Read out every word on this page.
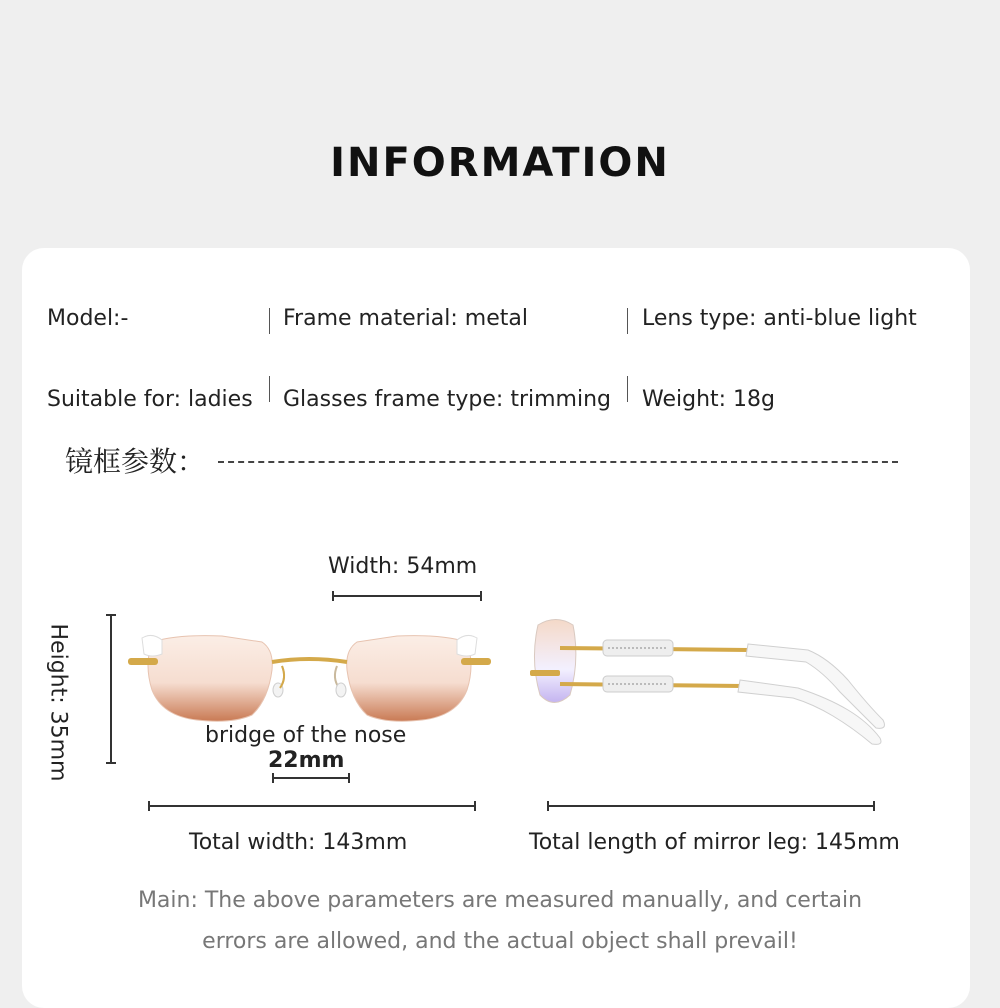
INFORMATION
Model:-	Frame material: metal	Lens type: anti-blue light
Suitable for: ladies Glasses frame type: trimming Weight: 18g
镜框参数：
Width: 54mm
Height: 35mm	bridge of the nose
22mm
Total width: 143mm	Total length of mirror leg: 145mm
Main: The above parameters are measured manually, and certain
errors are allowed, and the actual object shall prevail!
